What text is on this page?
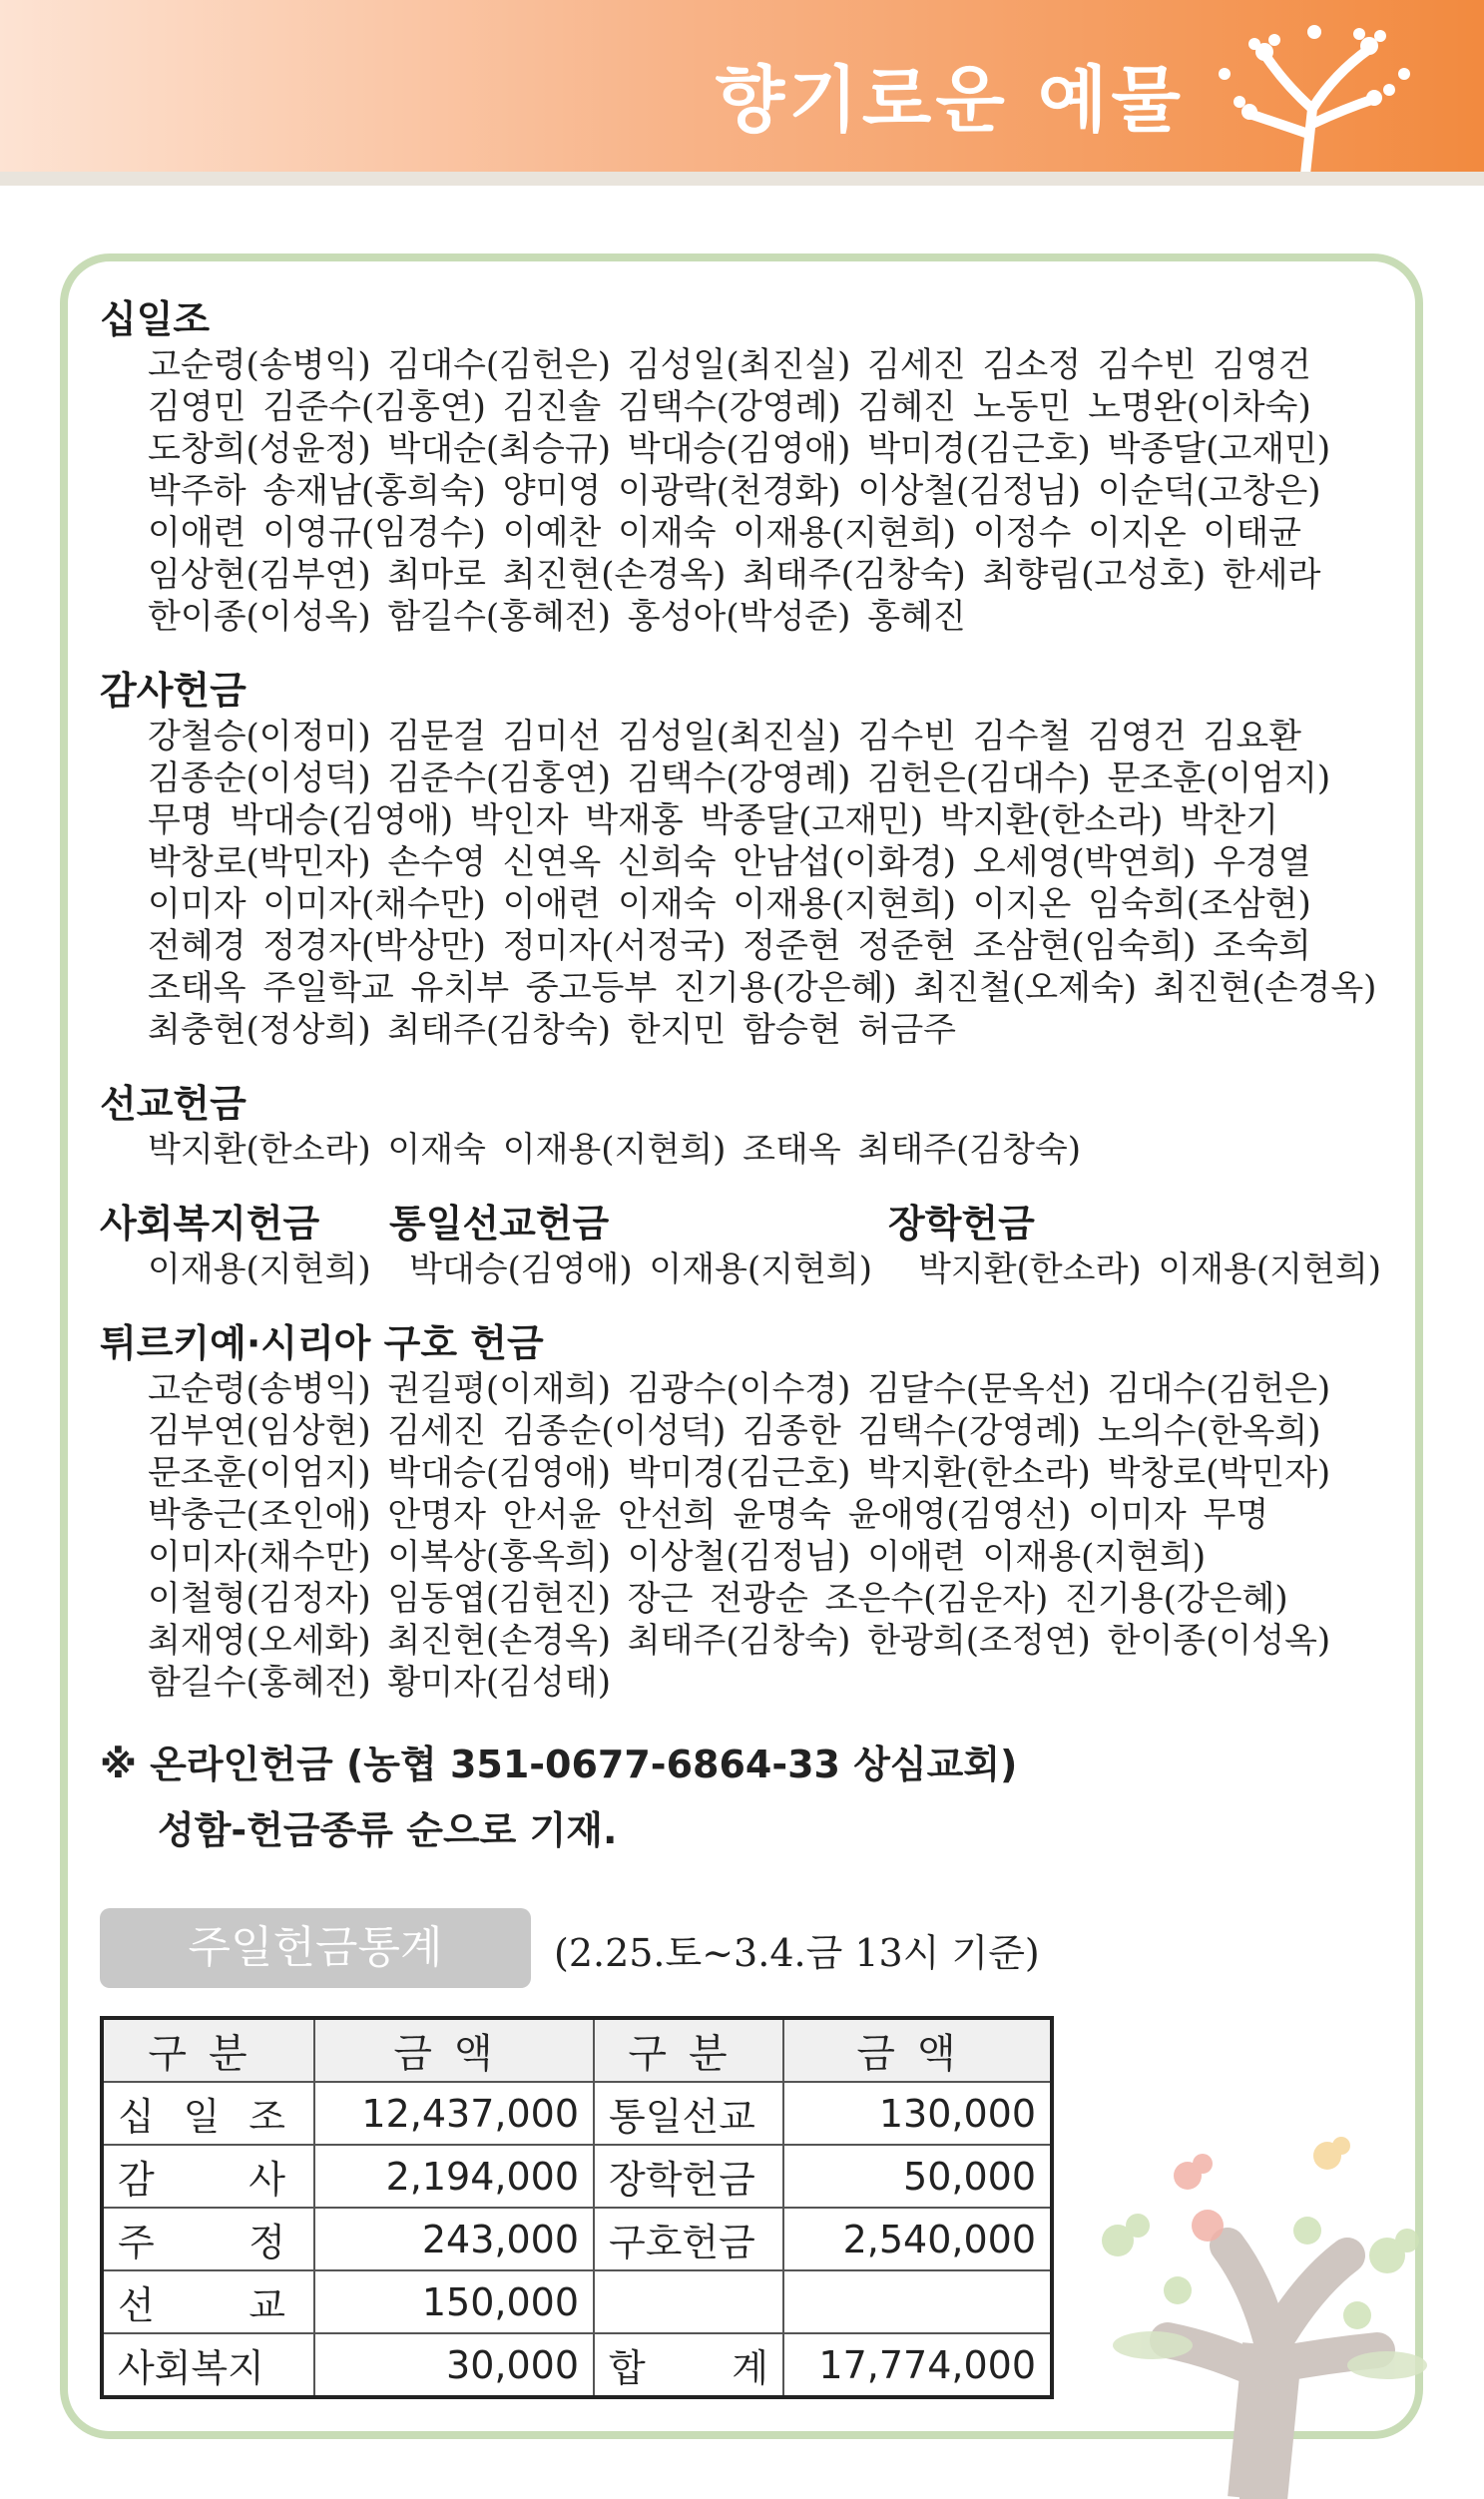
향기로운 예물

십일조

고순령(송병익) 김대수(김헌은) 김성일(최진실) 김세진 김소정 김수빈 김영건

김영민 김준수(김홍연) 김진솔 김택수(강영례) 김혜진 노동민 노명완(이차숙)

도창희(성윤정) 박대순(최승규) 박대승(김영애) 박미경(김근호) 박종달(고재민)

박주하 송재남(홍희숙) 양미영 이광락(천경화) 이상철(김정님) 이순덕(고창은)

이애련 이영규(임경수) 이예찬 이재숙 이재용(지현희) 이정수 이지온 이태균

임상현(김부연) 최마로 최진현(손경옥) 최태주(김창숙) 최향림(고성호) 한세라

한이종(이성옥) 함길수(홍혜전) 홍성아(박성준) 홍혜진

감사헌금

강철승(이정미) 김문걸 김미선 김성일(최진실) 김수빈 김수철 김영건 김요환

김종순(이성덕) 김준수(김홍연) 김택수(강영례) 김헌은(김대수) 문조훈(이엄지)

무명 박대승(김영애) 박인자 박재홍 박종달(고재민) 박지환(한소라) 박찬기

박창로(박민자) 손수영 신연옥 신희숙 안남섭(이화경) 오세영(박연희) 우경열

이미자 이미자(채수만) 이애련 이재숙 이재용(지현희) 이지온 임숙희(조삼현)

전혜경 정경자(박상만) 정미자(서정국) 정준현 정준현 조삼현(임숙희) 조숙희

조태옥 주일학교 유치부 중고등부 진기용(강은혜) 최진철(오제숙) 최진현(손경옥)

최충현(정상희) 최태주(김창숙) 한지민 함승현 허금주

선교헌금

박지환(한소라) 이재숙 이재용(지현희) 조태옥 최태주(김창숙)

사회복지헌금

이재용(지현희)

통일선교헌금

박대승(김영애) 이재용(지현희)

장학헌금

박지환(한소라) 이재용(지현희)

튀르키예·시리아 구호 헌금

고순령(송병익) 권길평(이재희) 김광수(이수경) 김달수(문옥선) 김대수(김헌은)

김부연(임상현) 김세진 김종순(이성덕) 김종한 김택수(강영례) 노의수(한옥희)

문조훈(이엄지) 박대승(김영애) 박미경(김근호) 박지환(한소라) 박창로(박민자)

박충근(조인애) 안명자 안서윤 안선희 윤명숙 윤애영(김영선) 이미자 무명

이미자(채수만) 이복상(홍옥희) 이상철(김정님) 이애련 이재용(지현희)

이철형(김정자) 임동엽(김현진) 장근 전광순 조은수(김운자) 진기용(강은혜)

최재영(오세화) 최진현(손경옥) 최태주(김창숙) 한광희(조정연) 한이종(이성옥)

함길수(홍혜전) 황미자(김성태)

※ 온라인헌금 (농협 351-0677-6864-33 상심교회)
성함-헌금종류 순으로 기재.
주일헌금통계	(2.25.토~3.4.금 13시 기준)
구분	금액	구분	금액

십 일 조	12,437,000	통일선교	130,000

감 사	2,194,000	장학헌금	50,000

주 정	243,000	구호헌금	2,540,000

선 교	150,000		
사회복지	30,000	합 계	17,774,000
